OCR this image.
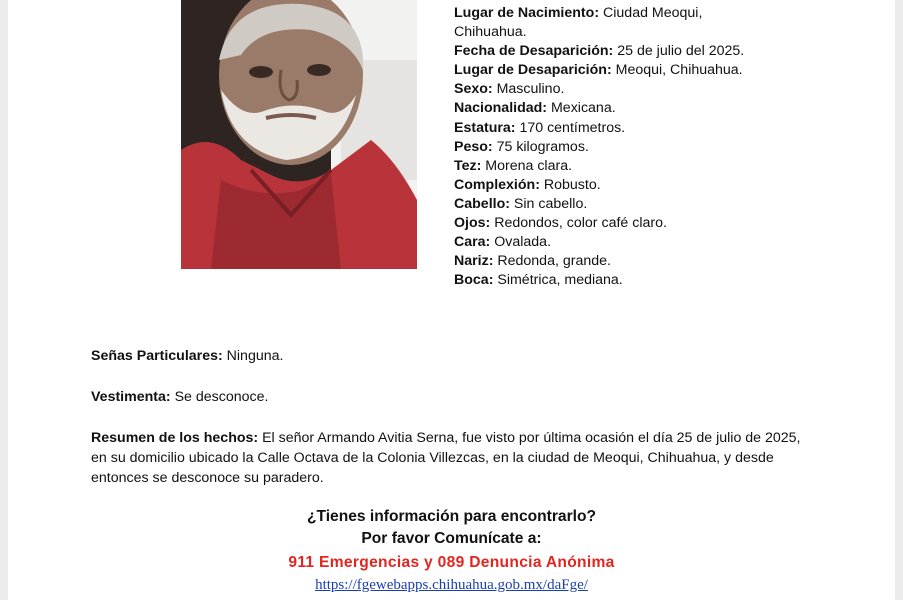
Lugar de Nacimiento: Ciudad Meoqui,
Chihuahua.
Fecha de Desaparición: 25 de julio del 2025.
Lugar de Desaparición: Meoqui, Chihuahua.
Sexo: Masculino.
Nacionalidad: Mexicana.
Estatura: 170 centímetros.
Peso: 75 kilogramos.
Tez: Morena clara.
Complexión: Robusto.
Cabello: Sin cabello.
Ojos: Redondos, color café claro.
Cara: Ovalada.
Nariz: Redonda, grande.
Boca: Simétrica, mediana.
Señas Particulares: Ninguna.
Vestimenta: Se desconoce.
Resumen de los hechos: El señor Armando Avitia Serna, fue visto por última ocasión el día 25 de julio de 2025, en su domicilio ubicado la Calle Octava de la Colonia Villezcas, en la ciudad de Meoqui, Chihuahua, y desde entonces se desconoce su paradero.
¿Tienes información para encontrarlo?
Por favor Comunícate a:
911 Emergencias y 089 Denuncia Anónima
https://fgewebapps.chihuahua.gob.mx/daFge/
